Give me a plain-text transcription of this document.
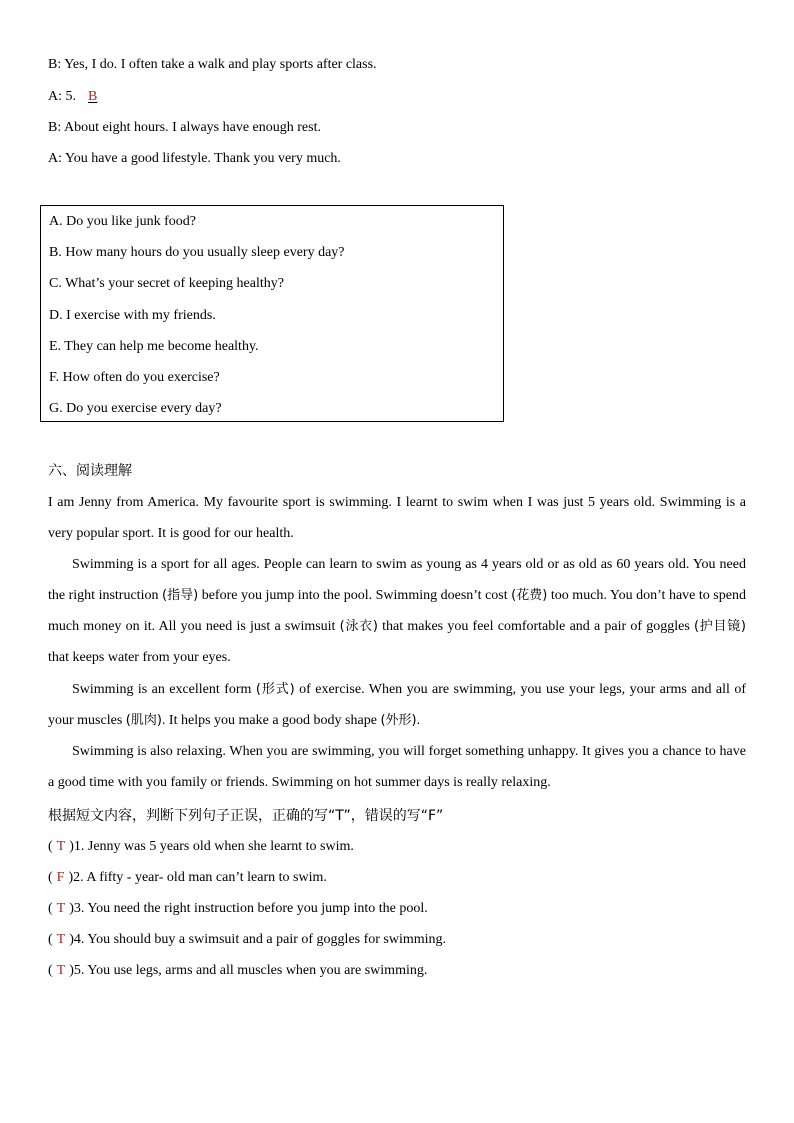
B: Yes, I do. I often take a walk and play sports after class.
A: 5. B
B: About eight hours. I always have enough rest.
A: You have a good lifestyle. Thank you very much.
A. Do you like junk food?
B. How many hours do you usually sleep every day?
C. What’s your secret of keeping healthy?
D. I exercise with my friends.
E. They can help me become healthy.
F. How often do you exercise?
G. Do you exercise every day?
六、阅读理解
I am Jenny from America. My favourite sport is swimming. I learnt to swim when I was just 5 years old. Swimming is a very popular sport. It is good for our health.
Swimming is a sport for all ages. People can learn to swim as young as 4 years old or as old as 60 years old. You need the right instruction (指导) before you jump into the pool. Swimming doesn’t cost (花费) too much. You don’t have to spend much money on it. All you need is just a swimsuit (泳衣) that makes you feel comfortable and a pair of goggles (护目镜) that keeps water from your eyes.
Swimming is an excellent form (形式) of exercise. When you are swimming, you use your legs, your arms and all of your muscles (肌肉). It helps you make a good body shape (外形).
Swimming is also relaxing. When you are swimming, you will forget something unhappy. It gives you a chance to have a good time with you family or friends. Swimming on hot summer days is really relaxing.
根据短文内容，判断下列句子正误，正确的写“T”，错误的写“F”
( T )1. Jenny was 5 years old when she learnt to swim.
( F )2. A fifty - year- old man can’t learn to swim.
( T )3. You need the right instruction before you jump into the pool.
( T )4. You should buy a swimsuit and a pair of goggles for swimming.
( T )5. You use legs, arms and all muscles when you are swimming.
